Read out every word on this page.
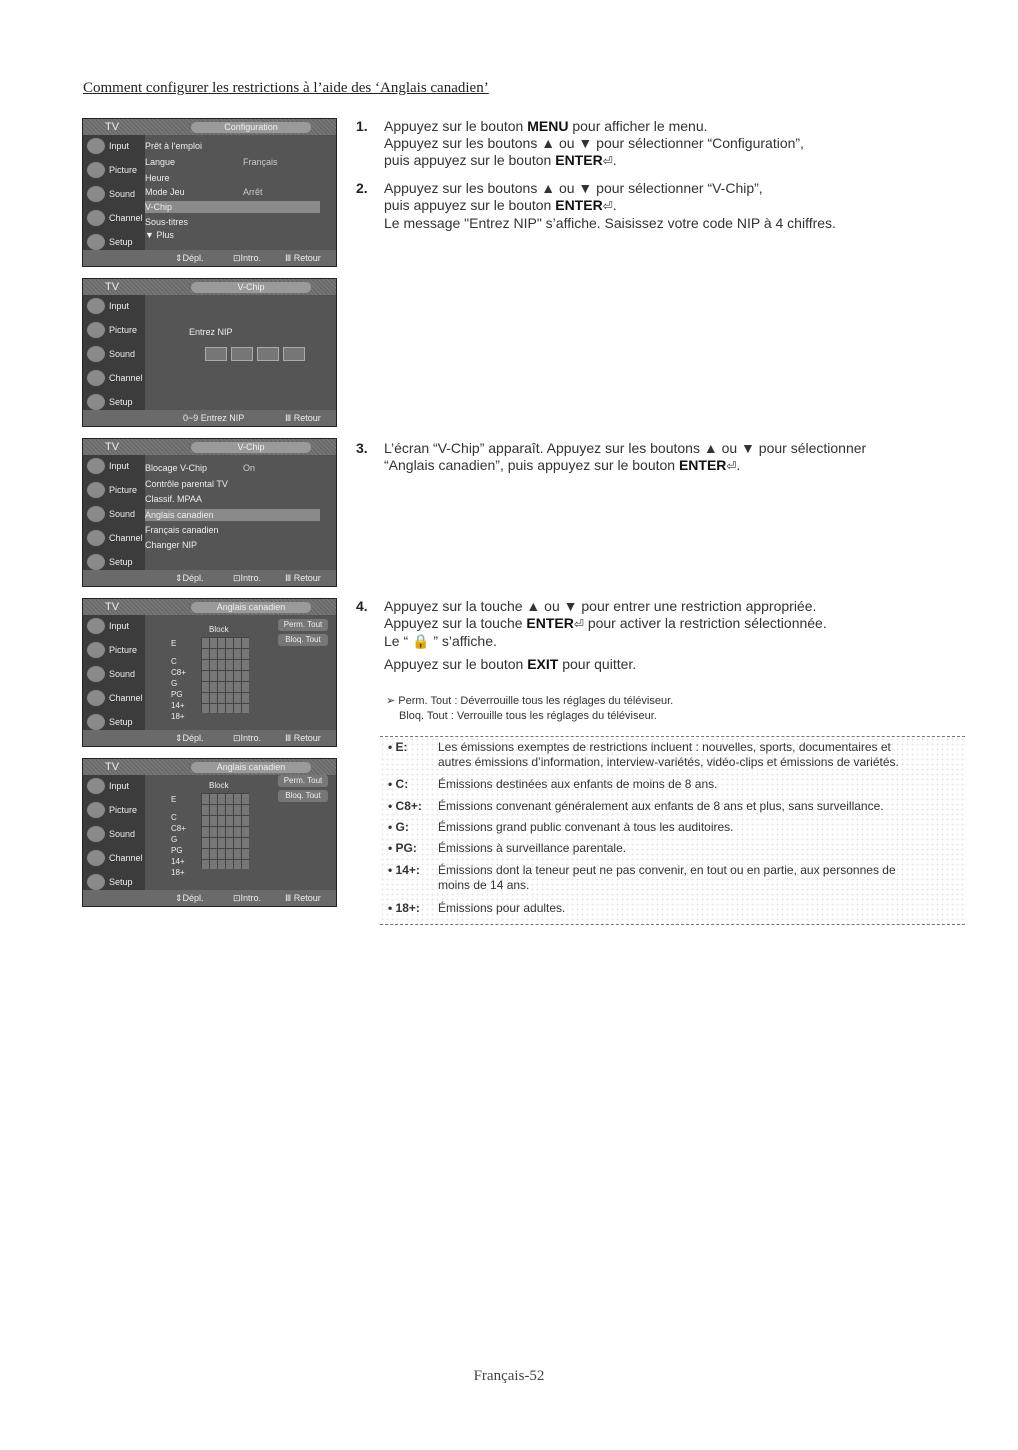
Comment configurer les restrictions à l’aide des ‘Anglais canadien’
TV	Configuration
Input
Picture
Sound
Channel
Setup
Prêt à l’emploi
Langue	Français
Heure
Mode Jeu	Arrêt
V-Chip
Sous-titres
▼ Plus
⇕Dépl.	⊡Intro.	Ⅲ Retour
TV	V-Chip
Input
Picture
Sound
Channel
Setup
Entrez NIP
0~9 Entrez NIP	Ⅲ Retour
TV	V-Chip
Input
Picture
Sound
Channel
Setup
Blocage V-Chip	On
Contrôle parental TV
Classif. MPAA
Anglais canadien
Français canadien
Changer NIP
⇕Dépl.	⊡Intro.	Ⅲ Retour
TV	Anglais canadien
Input
Picture
Sound
Channel
Setup
Block
E
C
C8+
G
PG
14+
18+
Perm. Tout
Bloq. Tout
⇕Dépl.	⊡Intro.	Ⅲ Retour
TV	Anglais canadien
Input
Picture
Sound
Channel
Setup
Block
E
C
C8+
G
PG
14+
18+
Perm. Tout
Bloq. Tout
⇕Dépl.	⊡Intro.	Ⅲ Retour
1. Appuyez sur le bouton MENU pour afficher le menu.
Appuyez sur les boutons ▲ ou ▼ pour sélectionner “Configuration”,
puis appuyez sur le bouton ENTER⏎.
2. Appuyez sur les boutons ▲ ou ▼ pour sélectionner “V-Chip”,
puis appuyez sur le bouton ENTER⏎.
Le message "Entrez NIP" s’affiche. Saisissez votre code NIP à 4 chiffres.
3. L’écran “V-Chip” apparaît. Appuyez sur les boutons ▲ ou ▼ pour sélectionner
“Anglais canadien”, puis appuyez sur le bouton ENTER⏎.
4. Appuyez sur la touche ▲ ou ▼ pour entrer une restriction appropriée.
Appuyez sur la touche ENTER⏎ pour activer la restriction sélectionnée.
Le “ 🔒 ” s’affiche.
Appuyez sur le bouton EXIT pour quitter.
➢ Perm. Tout : Déverrouille tous les réglages du téléviseur.
Bloq. Tout : Verrouille tous les réglages du téléviseur.
• E:	Les émissions exemptes de restrictions incluent : nouvelles, sports, documentaires et
autres émissions d’information, interview-variétés, vidéo-clips et émissions de variétés.
• C: Émissions destinées aux enfants de moins de 8 ans.
• C8+: Émissions convenant généralement aux enfants de 8 ans et plus, sans surveillance.
• G: Émissions grand public convenant à tous les auditoires.
• PG: Émissions à surveillance parentale.
• 14+: Émissions dont la teneur peut ne pas convenir, en tout ou en partie, aux personnes de
moins de 14 ans.
• 18+: Émissions pour adultes.
Français-52
